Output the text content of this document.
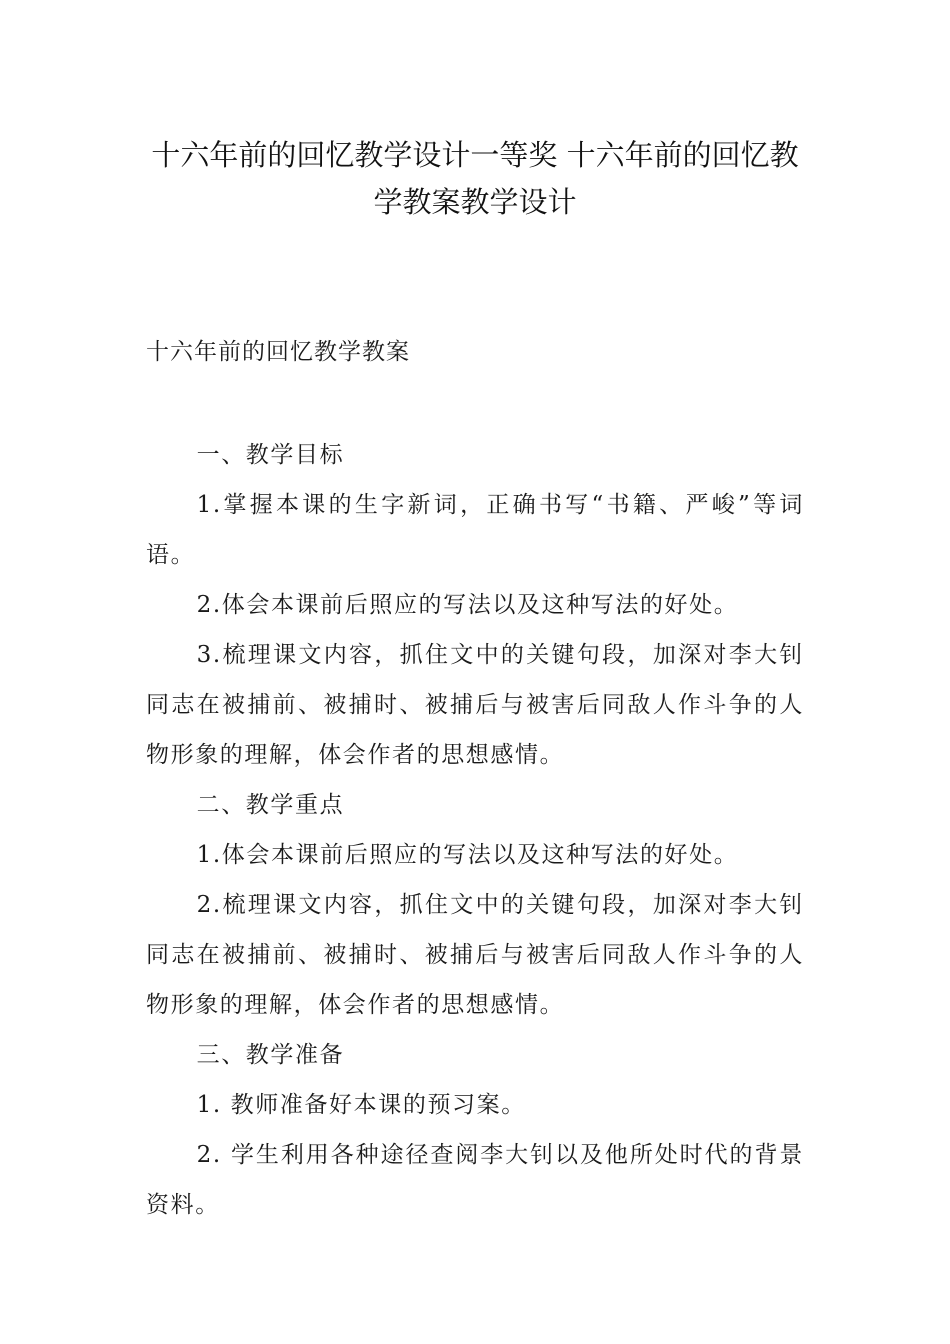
十六年前的回忆教学设计一等奖 十六年前的回忆教学教案教学设计

十六年前的回忆教学教案

一、教学目标

1.掌握本课的生字新词，正确书写“书籍、严峻”等词语。

2.体会本课前后照应的写法以及这种写法的好处。

3.梳理课文内容，抓住文中的关键句段，加深对李大钊同志在被捕前、被捕时、被捕后与被害后同敌人作斗争的人物形象的理解，体会作者的思想感情。

二、教学重点

1.体会本课前后照应的写法以及这种写法的好处。

2.梳理课文内容，抓住文中的关键句段，加深对李大钊同志在被捕前、被捕时、被捕后与被害后同敌人作斗争的人物形象的理解，体会作者的思想感情。

三、教学准备

1. 教师准备好本课的预习案。

2. 学生利用各种途径查阅李大钊以及他所处时代的背景资料。
